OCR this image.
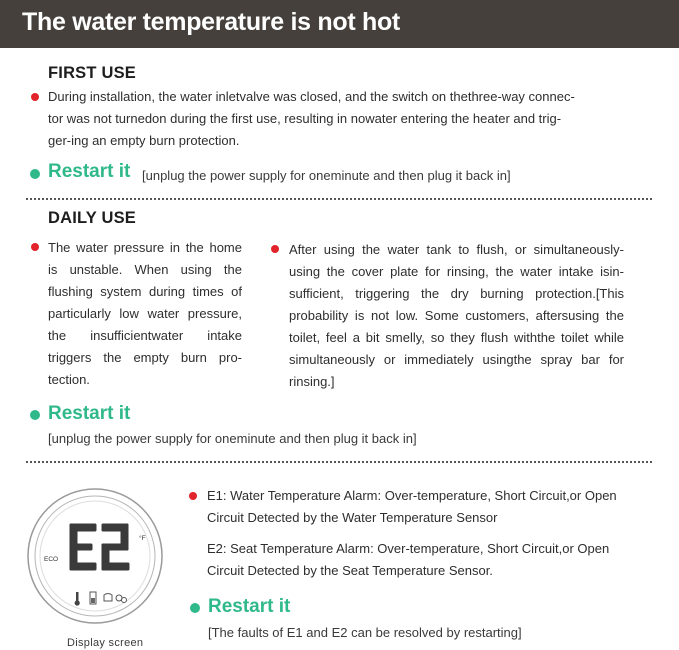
The water temperature is not hot
FIRST USE
During installation, the water inletvalve was closed, and the switch on thethree-way connec-
tor was not turnedon during the first use, resulting in nowater entering the heater and trig-
ger-ing an empty burn protection.
Restart it [unplug the power supply for oneminute and then plug it back in]
DAILY USE
The water pressure in the home is unstable. When using the flushing system during times of particularly low water pressure, the insufficientwater intake triggers the empty burn pro- tection.
After using the water tank to flush, or simultaneously- using the cover plate for rinsing, the water intake isin- sufficient, triggering the dry burning protection.[This probability is not low. Some customers, aftersusing the toilet, feel a bit smelly, so they flush withthe toilet while simultaneously or immediately usingthe spray bar for rinsing.]
Restart it
[unplug the power supply for oneminute and then plug it back in]
ECO
°F
Display screen
E1: Water Temperature Alarm: Over-temperature, Short Circuit,or Open Circuit Detected by the Water Temperature Sensor
E2: Seat Temperature Alarm: Over-temperature, Short Circuit,or Open Circuit Detected by the Seat Temperature Sensor.
Restart it
[The faults of E1 and E2 can be resolved by restarting]
